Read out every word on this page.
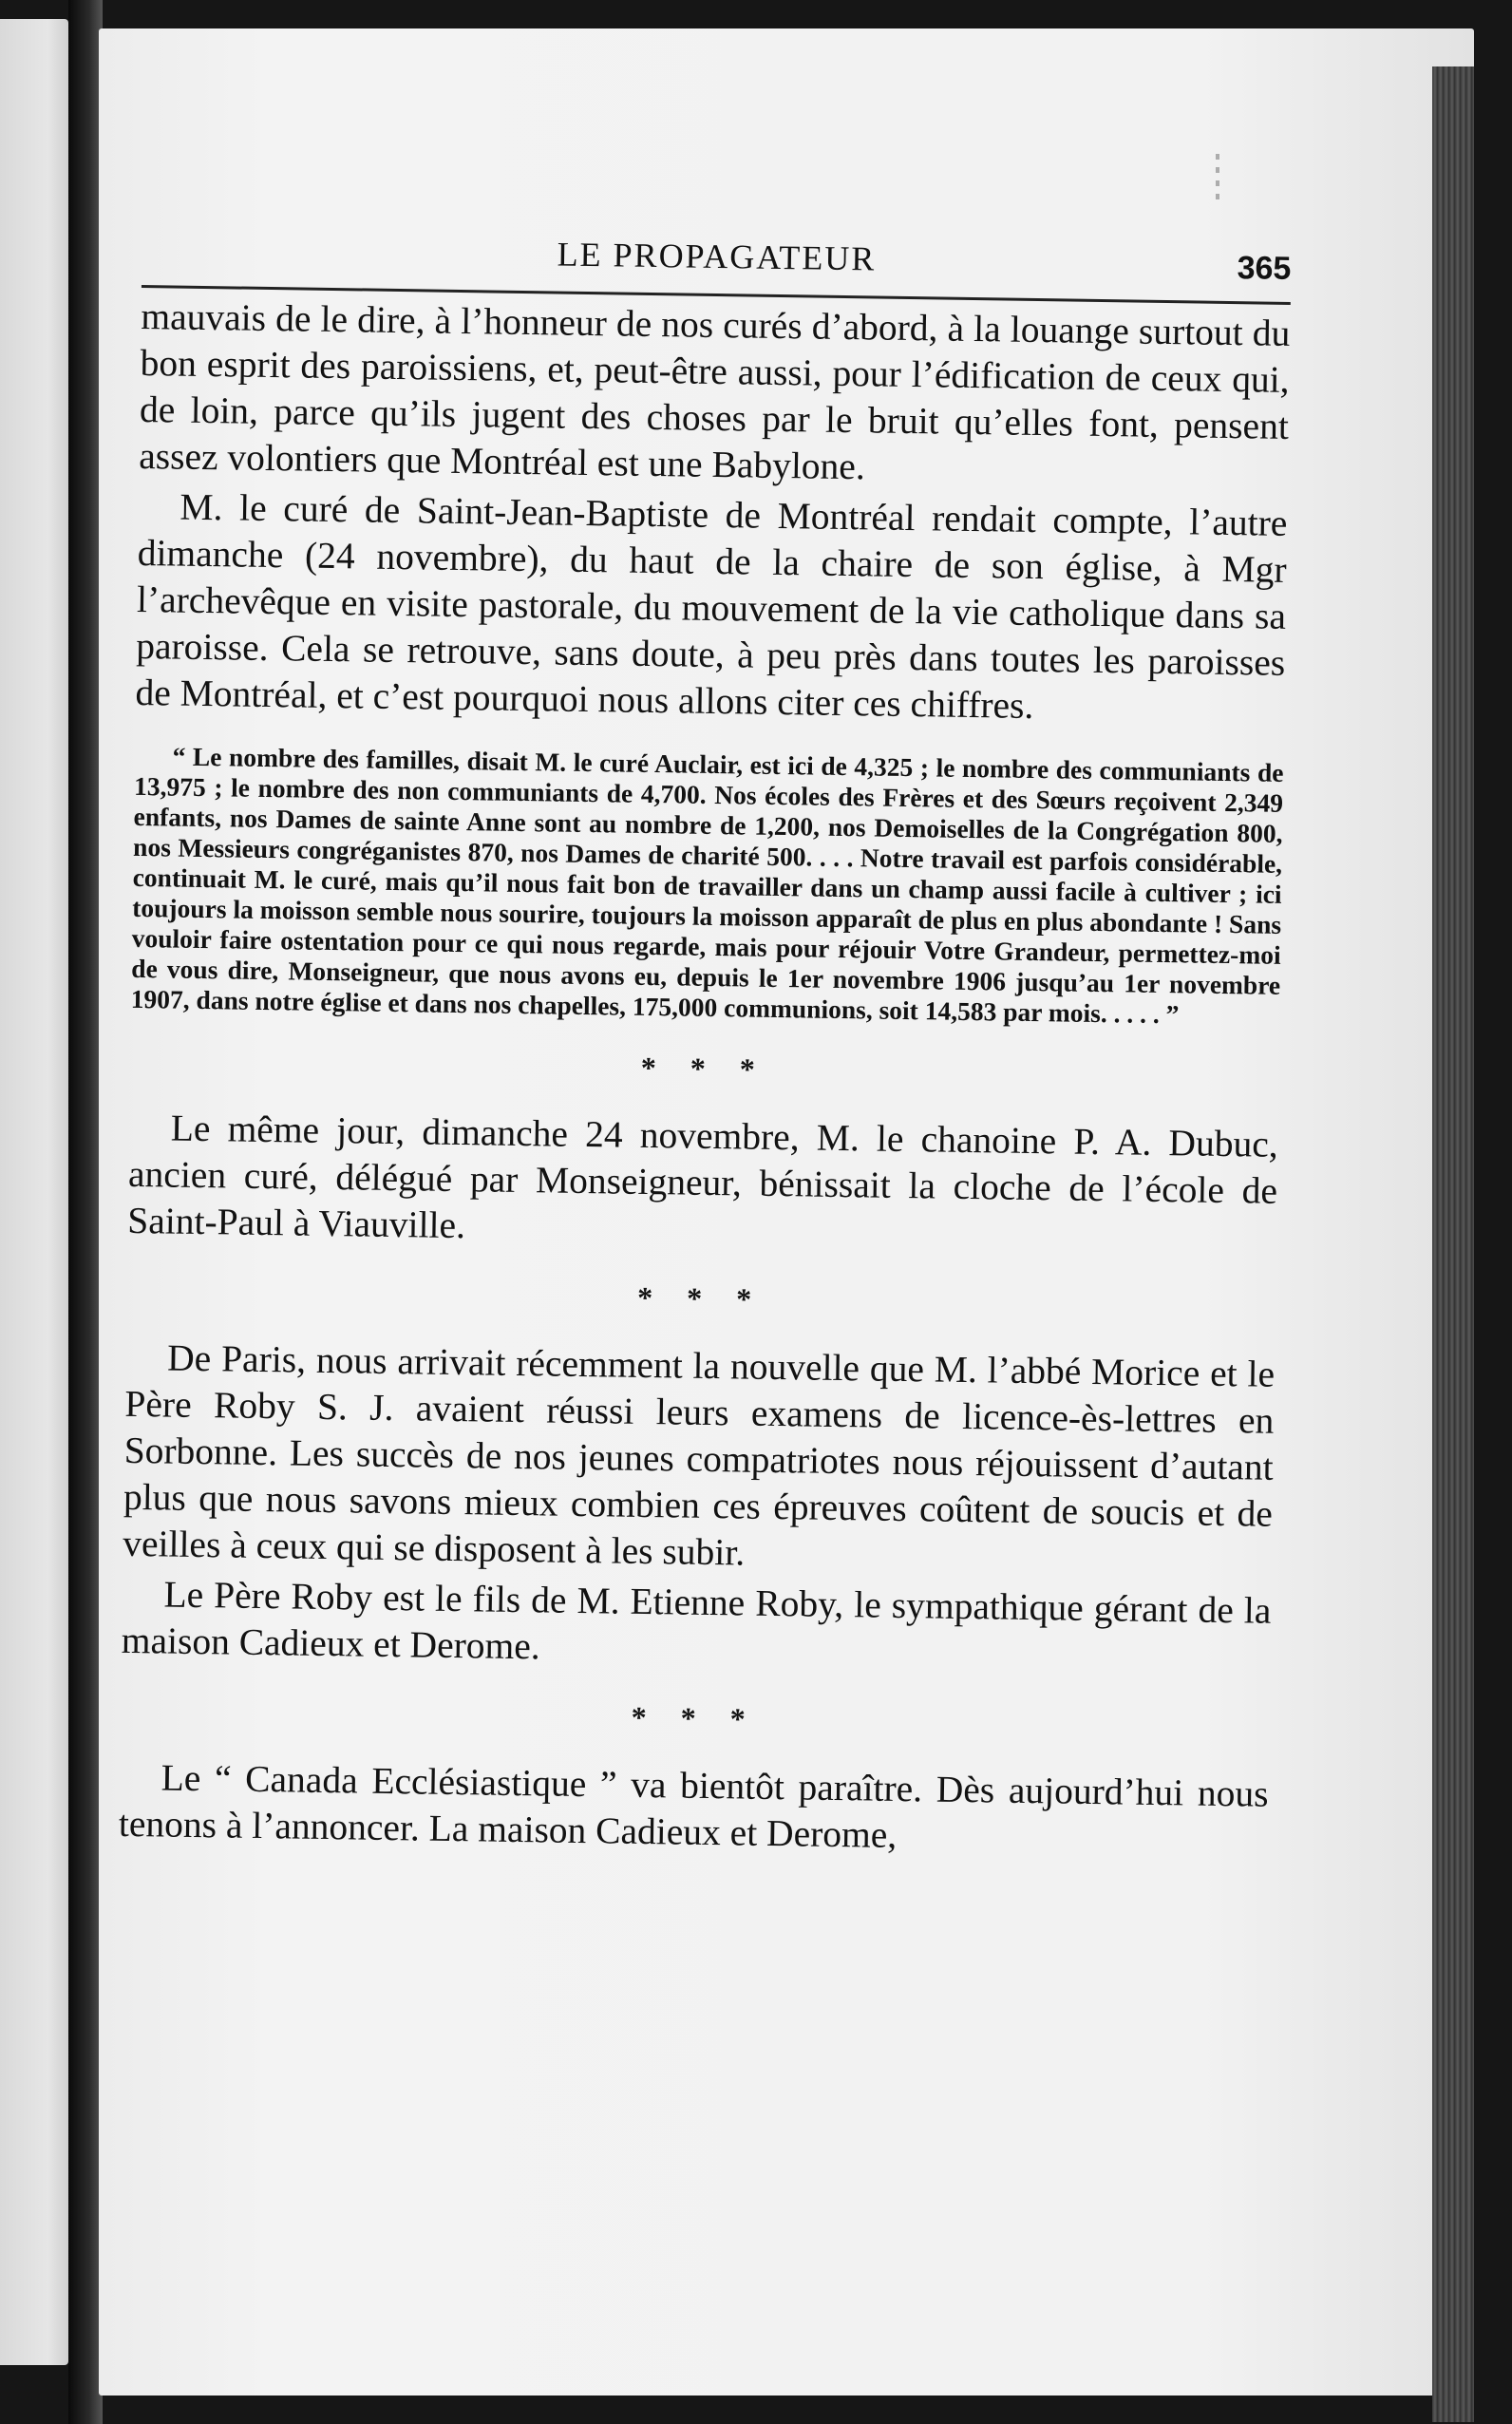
LE PROPAGATEUR	365

mauvais de le dire, à l’honneur de nos curés d’abord, à la louange surtout du bon esprit des paroissiens, et, peut-être aussi, pour l’édification de ceux qui, de loin, parce qu’ils jugent des choses par le bruit qu’elles font, pensent assez volontiers que Montréal est une Babylone.

M. le curé de Saint-Jean-Baptiste de Montréal rendait compte, l’autre dimanche (24 novembre), du haut de la chaire de son église, à Mgr l’archevêque en visite pastorale, du mouvement de la vie catholique dans sa paroisse. Cela se retrouve, sans doute, à peu près dans toutes les paroisses de Montréal, et c’est pourquoi nous allons citer ces chiffres.

“ Le nombre des familles, disait M. le curé Auclair, est ici de 4,325 ; le nombre des communiants de 13,975 ; le nombre des non communiants de 4,700. Nos écoles des Frères et des Sœurs reçoivent 2,349 enfants, nos Dames de sainte Anne sont au nombre de 1,200, nos Demoiselles de la Congrégation 800, nos Messieurs congréganistes 870, nos Dames de charité 500. . . . Notre travail est parfois considérable, continuait M. le curé, mais qu’il nous fait bon de travailler dans un champ aussi facile à cultiver ; ici toujours la moisson semble nous sourire, toujours la moisson apparaît de plus en plus abondante ! Sans vouloir faire ostentation pour ce qui nous regarde, mais pour réjouir Votre Grandeur, permettez-moi de vous dire, Monseigneur, que nous avons eu, depuis le 1er novembre 1906 jusqu’au 1er novembre 1907, dans notre église et dans nos chapelles, 175,000 communions, soit 14,583 par mois. . . . . ”

* * *

Le même jour, dimanche 24 novembre, M. le chanoine P. A. Dubuc, ancien curé, délégué par Monseigneur, bénissait la cloche de l’école de Saint-Paul à Viauville.

* * *

De Paris, nous arrivait récemment la nouvelle que M. l’abbé Morice et le Père Roby S. J. avaient réussi leurs examens de licence-ès-lettres en Sorbonne. Les succès de nos jeunes compatriotes nous réjouissent d’autant plus que nous savons mieux combien ces épreuves coûtent de soucis et de veilles à ceux qui se disposent à les subir.

Le Père Roby est le fils de M. Etienne Roby, le sympathique gérant de la maison Cadieux et Derome.

* * *

Le “ Canada Ecclésiastique ” va bientôt paraître. Dès aujourd’hui nous tenons à l’annoncer. La maison Cadieux et Derome,
